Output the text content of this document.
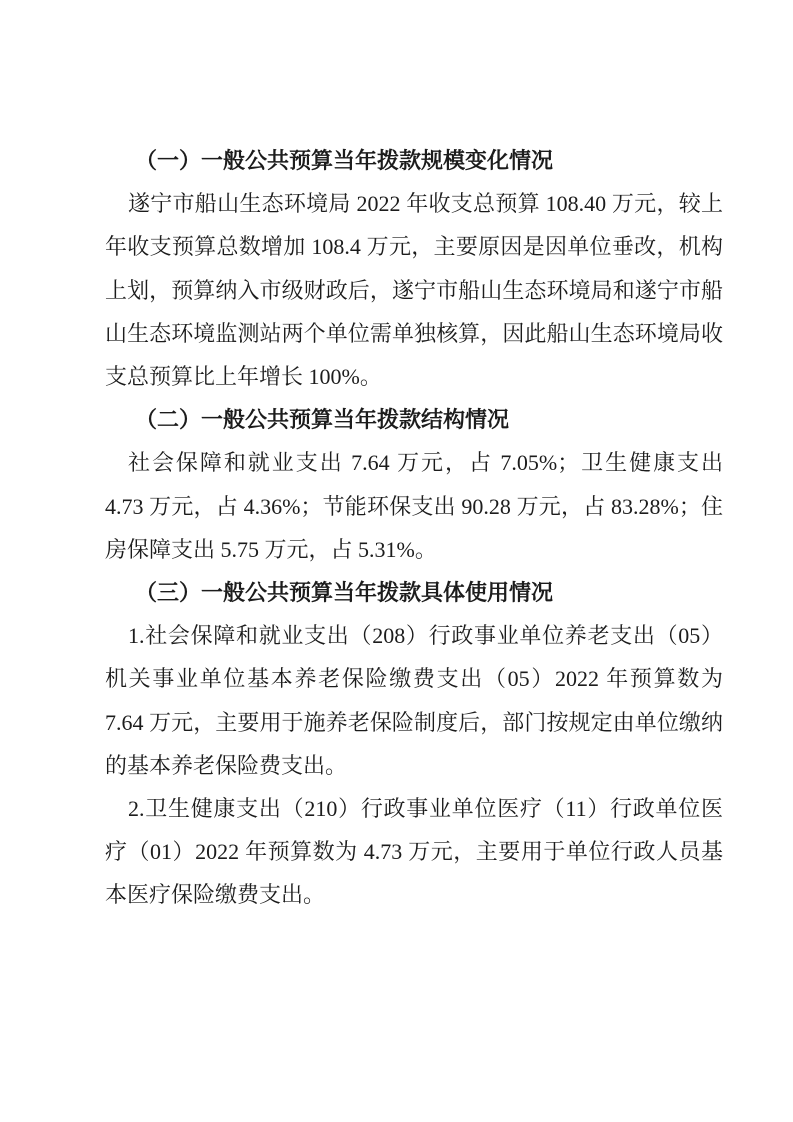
（一）一般公共预算当年拨款规模变化情况

遂宁市船山生态环境局 2022 年收支总预算 108.40 万元，较上年收支预算总数增加 108.4 万元，主要原因是因单位垂改，机构上划，预算纳入市级财政后，遂宁市船山生态环境局和遂宁市船山生态环境监测站两个单位需单独核算，因此船山生态环境局收支总预算比上年增长 100%。

（二）一般公共预算当年拨款结构情况

社会保障和就业支出 7.64 万元，占 7.05%；卫生健康支出 4.73 万元，占 4.36%；节能环保支出 90.28 万元，占 83.28%；住房保障支出 5.75 万元，占 5.31%。

（三）一般公共预算当年拨款具体使用情况

1.社会保障和就业支出（208）行政事业单位养老支出（05）机关事业单位基本养老保险缴费支出（05）2022 年预算数为 7.64 万元，主要用于施养老保险制度后，部门按规定由单位缴纳的基本养老保险费支出。

2.卫生健康支出（210）行政事业单位医疗（11）行政单位医疗（01）2022 年预算数为 4.73 万元，主要用于单位行政人员基本医疗保险缴费支出。
